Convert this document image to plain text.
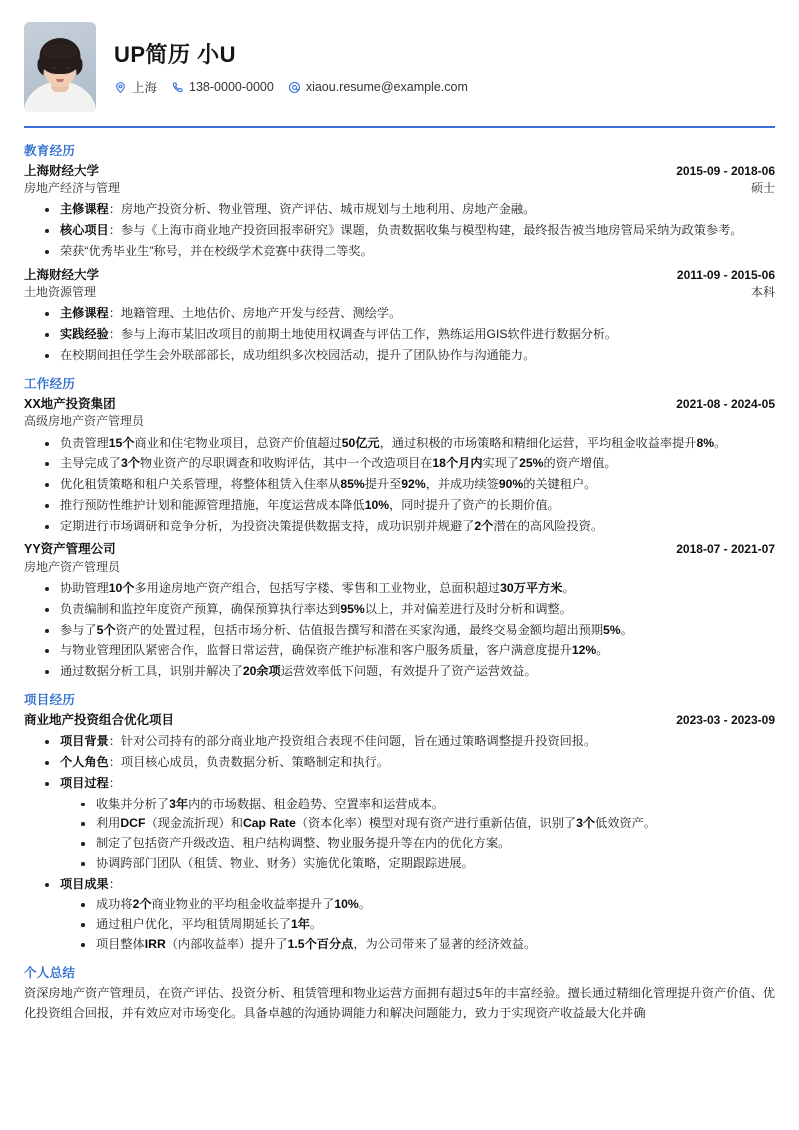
UP简历 小U
上海	138-0000-0000	xiaou.resume@example.com
教育经历
上海财经大学	2015-09 - 2018-06
房地产经济与管理	硕士
主修课程：房地产投资分析、物业管理、资产评估、城市规划与土地利用、房地产金融。
核心项目：参与《上海市商业地产投资回报率研究》课题，负责数据收集与模型构建，最终报告被当地房管局采纳为政策参考。
荣获“优秀毕业生”称号，并在校级学术竞赛中获得二等奖。
上海财经大学	2011-09 - 2015-06
土地资源管理	本科
主修课程：地籍管理、土地估价、房地产开发与经营、测绘学。
实践经验：参与上海市某旧改项目的前期土地使用权调查与评估工作，熟练运用GIS软件进行数据分析。
在校期间担任学生会外联部部长，成功组织多次校园活动，提升了团队协作与沟通能力。
工作经历
XX地产投资集团	2021-08 - 2024-05
高级房地产资产管理员
负责管理15个商业和住宅物业项目，总资产价值超过50亿元，通过积极的市场策略和精细化运营，平均租金收益率提升8%。
主导完成了3个物业资产的尽职调查和收购评估，其中一个改造项目在18个月内实现了25%的资产增值。
优化租赁策略和租户关系管理，将整体租赁入住率从85%提升至92%，并成功续签90%的关键租户。
推行预防性维护计划和能源管理措施，年度运营成本降低10%，同时提升了资产的长期价值。
定期进行市场调研和竞争分析，为投资决策提供数据支持，成功识别并规避了2个潜在的高风险投资。
YY资产管理公司	2018-07 - 2021-07
房地产资产管理员
协助管理10个多用途房地产资产组合，包括写字楼、零售和工业物业，总面积超过30万平方米。
负责编制和监控年度资产预算，确保预算执行率达到95%以上，并对偏差进行及时分析和调整。
参与了5个资产的处置过程，包括市场分析、估值报告撰写和潜在买家沟通，最终交易金额均超出预期5%。
与物业管理团队紧密合作，监督日常运营，确保资产维护标准和客户服务质量，客户满意度提升12%。
通过数据分析工具，识别并解决了20余项运营效率低下问题，有效提升了资产运营效益。
项目经历
商业地产投资组合优化项目	2023-03 - 2023-09
项目背景：针对公司持有的部分商业地产投资组合表现不佳问题，旨在通过策略调整提升投资回报。
个人角色：项目核心成员，负责数据分析、策略制定和执行。
项目过程：
收集并分析了3年内的市场数据、租金趋势、空置率和运营成本。
利用DCF（现金流折现）和Cap Rate（资本化率）模型对现有资产进行重新估值，识别了3个低效资产。
制定了包括资产升级改造、租户结构调整、物业服务提升等在内的优化方案。
协调跨部门团队（租赁、物业、财务）实施优化策略，定期跟踪进展。
项目成果：
成功将2个商业物业的平均租金收益率提升了10%。
通过租户优化，平均租赁周期延长了1年。
项目整体IRR（内部收益率）提升了1.5个百分点，为公司带来了显著的经济效益。
个人总结
资深房地产资产管理员，在资产评估、投资分析、租赁管理和物业运营方面拥有超过5年的丰富经验。擅长通过精细化管理提升资产价值、优化投资组合回报，并有效应对市场变化。具备卓越的沟通协调能力和解决问题能力，致力于实现资产收益最大化并确
